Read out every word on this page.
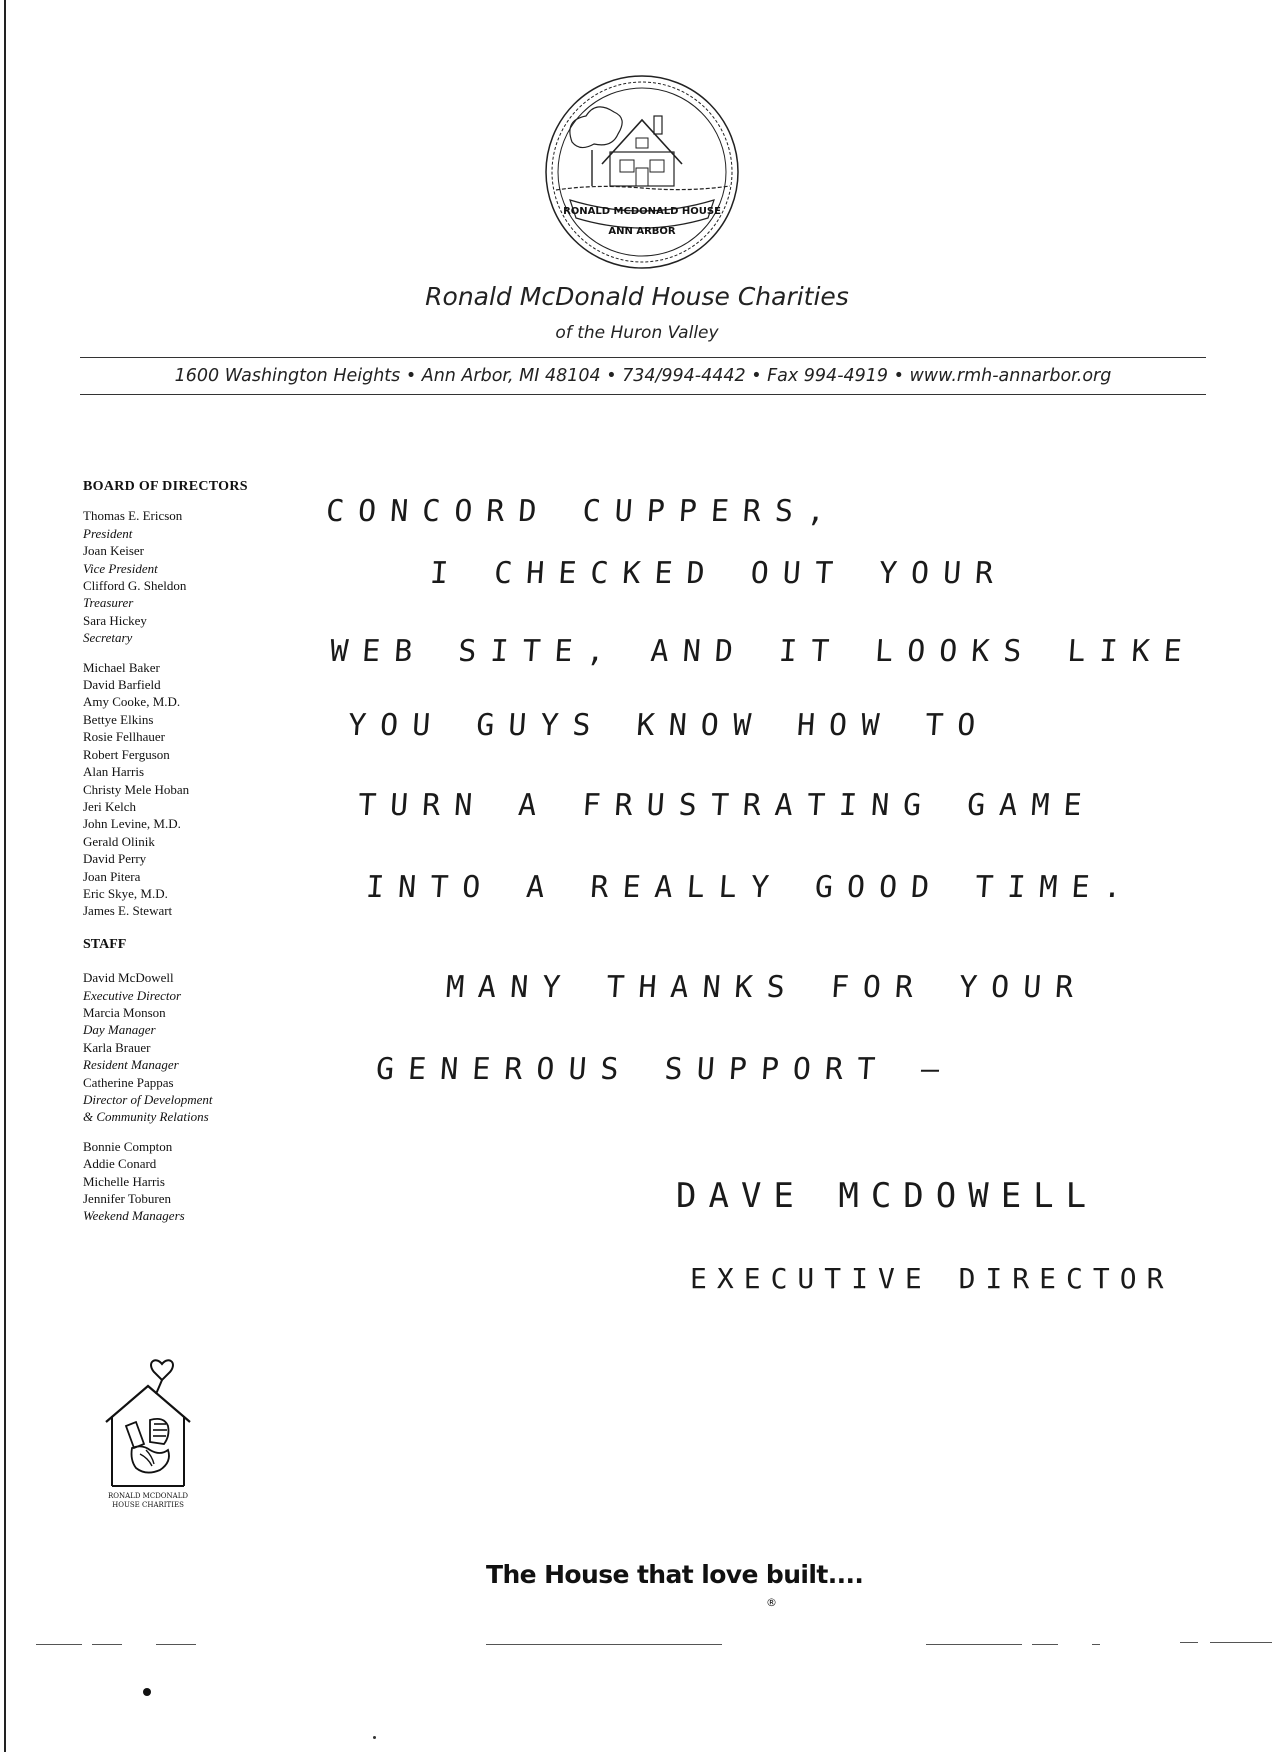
RONALD MCDONALD HOUSE
ANN ARBOR
Ronald McDonald House Charities
of the Huron Valley
1600 Washington Heights • Ann Arbor, MI 48104 • 734/994-4442 • Fax 994-4919 • www.rmh-annarbor.org
BOARD OF DIRECTORS
Thomas E. Ericson
President
Joan Keiser
Vice President
Clifford G. Sheldon
Treasurer
Sara Hickey
Secretary
Michael Baker
David Barfield
Amy Cooke, M.D.
Bettye Elkins
Rosie Fellhauer
Robert Ferguson
Alan Harris
Christy Mele Hoban
Jeri Kelch
John Levine, M.D.
Gerald Olinik
David Perry
Joan Pitera
Eric Skye, M.D.
James E. Stewart
STAFF
David McDowell
Executive Director
Marcia Monson
Day Manager
Karla Brauer
Resident Manager
Catherine Pappas
Director of Development
& Community Relations
Bonnie Compton
Addie Conard
Michelle Harris
Jennifer Toburen
Weekend Managers
CONCORD CUPPERS,
I CHECKED OUT YOUR
WEB SITE, AND IT LOOKS LIKE
YOU GUYS KNOW HOW TO
TURN A FRUSTRATING GAME
INTO A REALLY GOOD TIME.
MANY THANKS FOR YOUR
GENEROUS SUPPORT —
DAVE MCDOWELL
EXECUTIVE DIRECTOR
RONALD MCDONALD
HOUSE CHARITIES
The House that love built....
®
